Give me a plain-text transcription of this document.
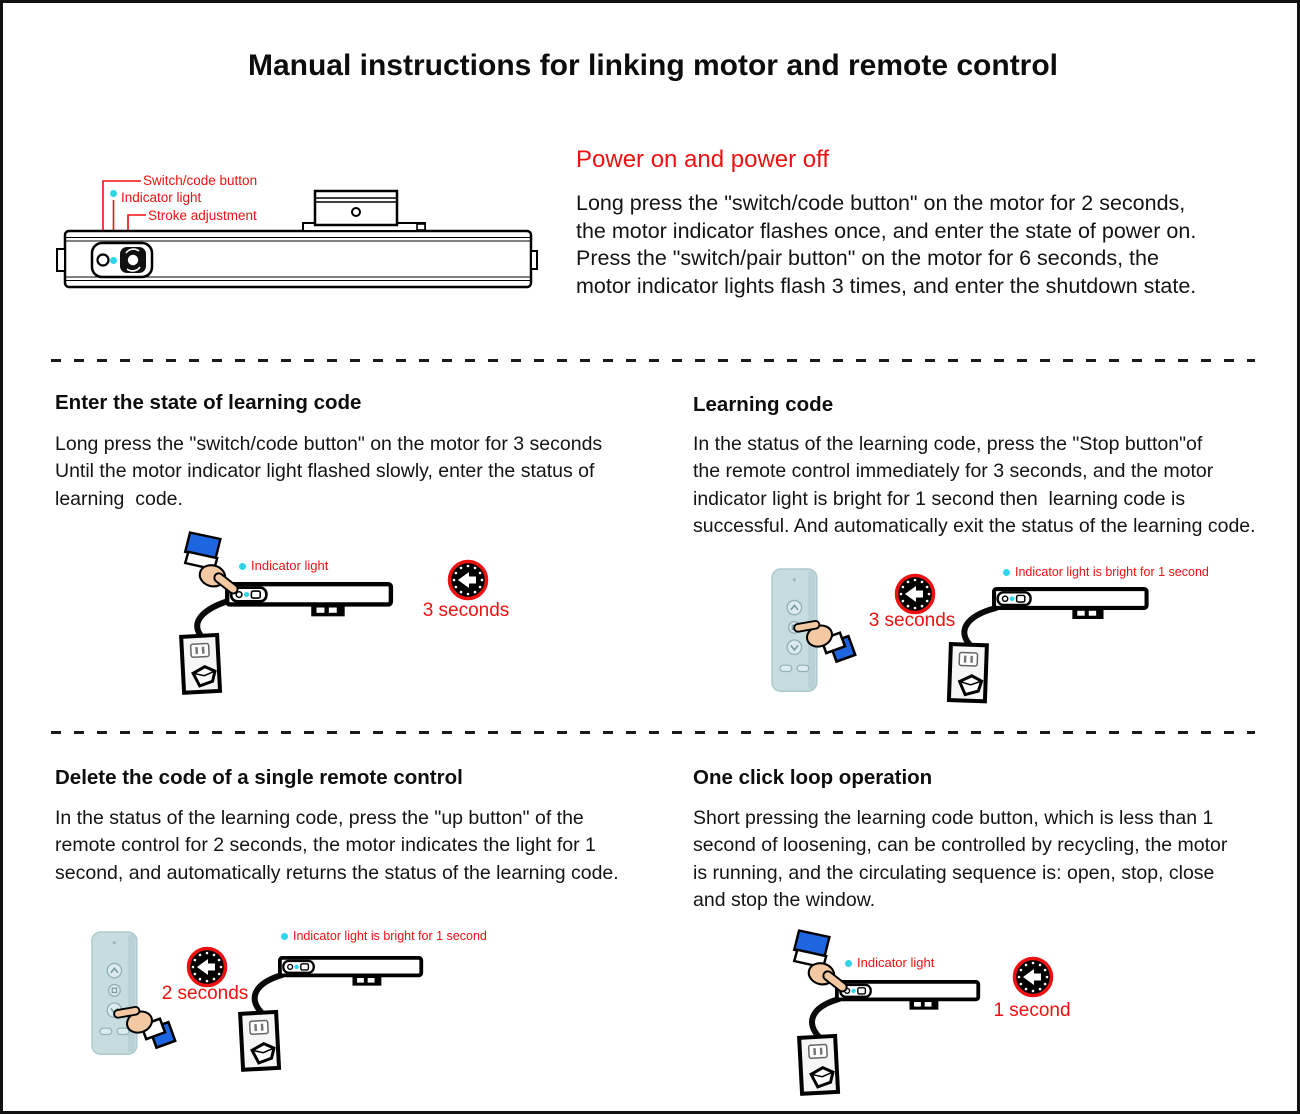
Manual instructions for linking motor and remote control
Switch/code button
Indicator light
Stroke adjustment
Power on and power off
Long press the "switch/code button" on the motor for 2 seconds,
the motor indicator flashes once, and enter the state of power on.
Press the "switch/pair button" on the motor for 6 seconds, the
motor indicator lights flash 3 times, and enter the shutdown state.
Enter the state of learning code
Long press the "switch/code button" on the motor for 3 seconds
Until the motor indicator light flashed slowly, enter the status of
learning  code.
Learning code
In the status of the learning code, press the "Stop button"of
the remote control immediately for 3 seconds, and the motor
indicator light is bright for 1 second then  learning code is
successful. And automatically exit the status of the learning code.
Indicator light
3 seconds
Indicator light is bright for 1 second
3 seconds
Delete the code of a single remote control
In the status of the learning code, press the "up button" of the
remote control for 2 seconds, the motor indicates the light for 1
second, and automatically returns the status of the learning code.
One click loop operation
Short pressing the learning code button, which is less than 1
second of loosening, can be controlled by recycling, the motor
is running, and the circulating sequence is: open, stop, close
and stop the window.
Indicator light is bright for 1 second
2 seconds
Indicator light
1 second
